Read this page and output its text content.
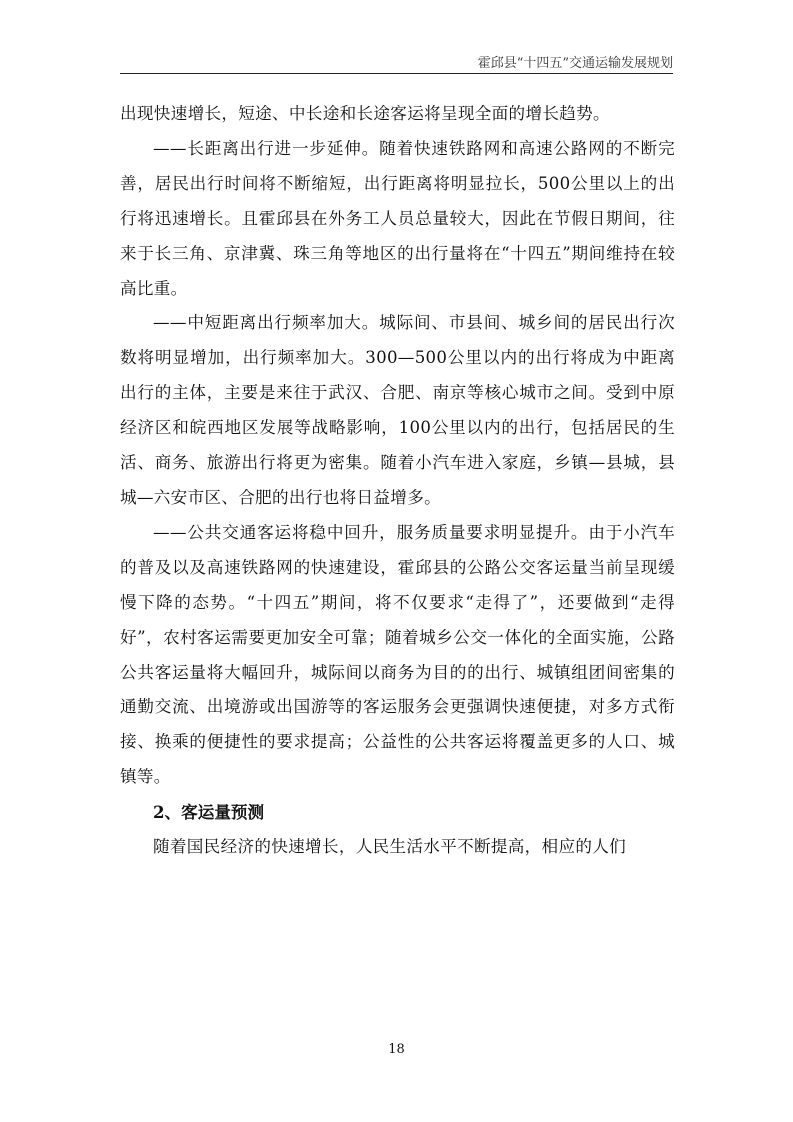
霍邱县“十四五”交通运输发展规划

出现快速增长，短途、中长途和长途客运将呈现全面的增长趋势。

——长距离出行进一步延伸。随着快速铁路网和高速公路网的不断完善，居民出行时间将不断缩短，出行距离将明显拉长，500公里以上的出行将迅速增长。且霍邱县在外务工人员总量较大，因此在节假日期间，往来于长三角、京津冀、珠三角等地区的出行量将在“十四五”期间维持在较高比重。

——中短距离出行频率加大。城际间、市县间、城乡间的居民出行次数将明显增加，出行频率加大。300—500公里以内的出行将成为中距离出行的主体，主要是来往于武汉、合肥、南京等核心城市之间。受到中原经济区和皖西地区发展等战略影响，100公里以内的出行，包括居民的生活、商务、旅游出行将更为密集。随着小汽车进入家庭，乡镇—县城，县城—六安市区、合肥的出行也将日益增多。

——公共交通客运将稳中回升，服务质量要求明显提升。由于小汽车的普及以及高速铁路网的快速建设，霍邱县的公路公交客运量当前呈现缓慢下降的态势。“十四五”期间，将不仅要求“走得了”，还要做到“走得好”，农村客运需要更加安全可靠；随着城乡公交一体化的全面实施，公路公共客运量将大幅回升，城际间以商务为目的的出行、城镇组团间密集的通勤交流、出境游或出国游等的客运服务会更强调快速便捷，对多方式衔接、换乘的便捷性的要求提高；公益性的公共客运将覆盖更多的人口、城镇等。

2、客运量预测

随着国民经济的快速增长，人民生活水平不断提高，相应的人们

18
